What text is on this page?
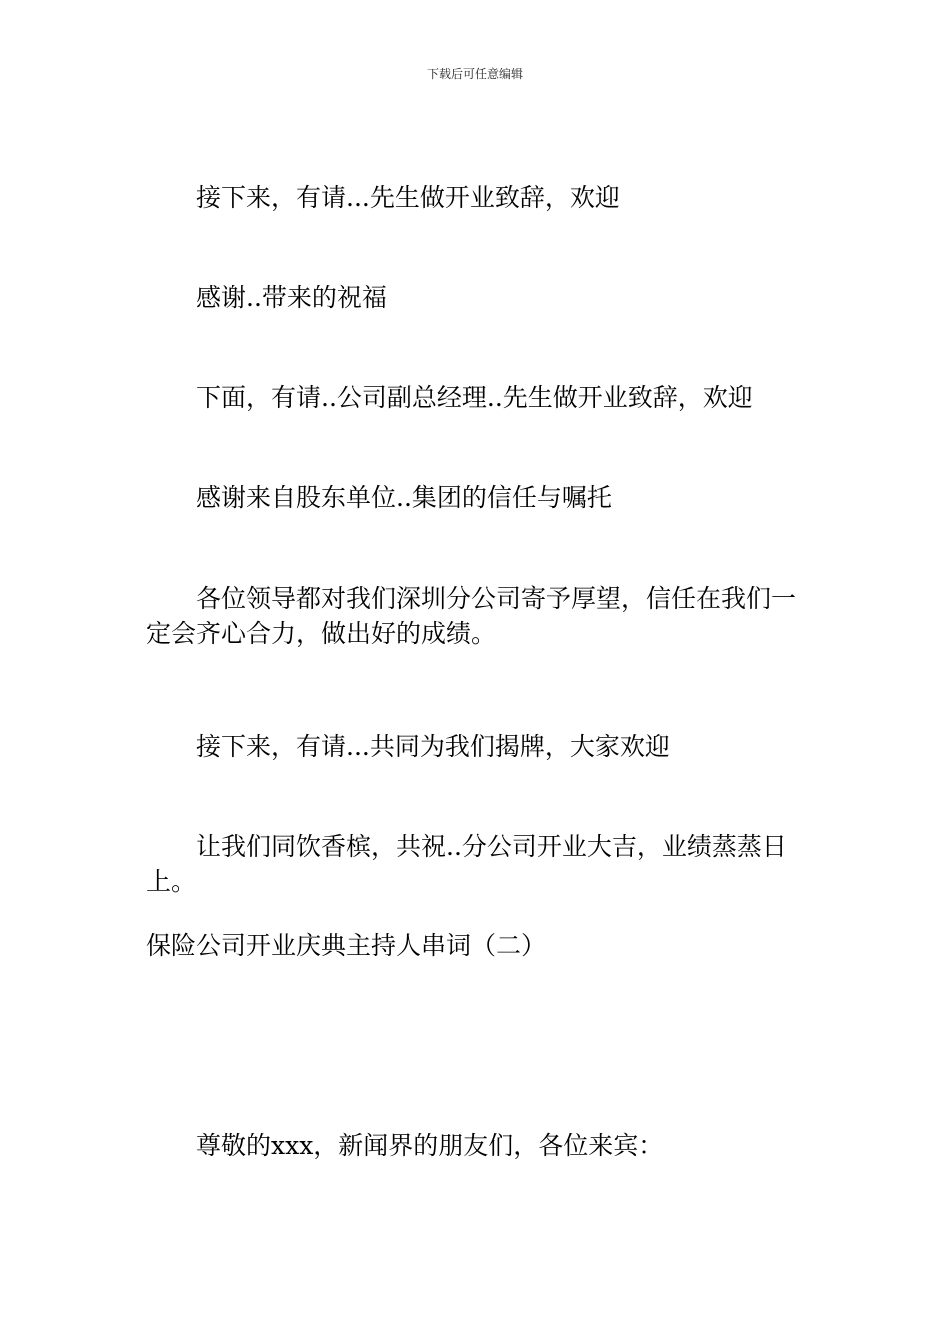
下载后可任意编辑

接下来，有请...先生做开业致辞，欢迎

感谢..带来的祝福

下面，有请..公司副总经理..先生做开业致辞，欢迎

感谢来自股东单位..集团的信任与嘱托

各位领导都对我们深圳分公司寄予厚望，信任在我们一定会齐心合力，做出好的成绩。

接下来，有请...共同为我们揭牌，大家欢迎

让我们同饮香槟，共祝..分公司开业大吉，业绩蒸蒸日上。

保险公司开业庆典主持人串词（二）

尊敬的xxx，新闻界的朋友们，各位来宾：
